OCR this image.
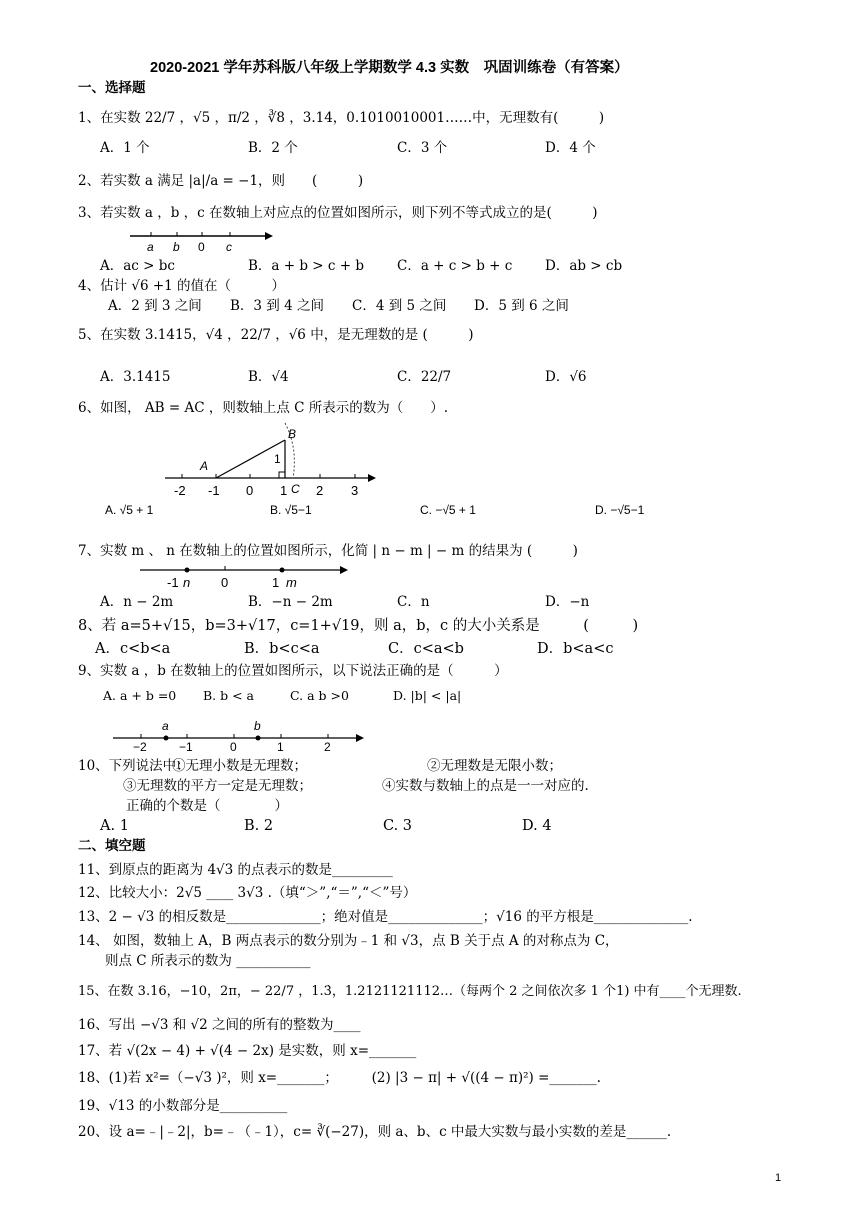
2020-2021 学年苏科版八年级上学期数学 4.3 实数　巩固训练卷（有答案）
一、选择题
1、在实数 22/7 ，√5 ，π/2 ，∛8 ，3.14，0.1010010001……中，无理数有(　　　)
A．1 个	B．2 个	C．3 个	D．4 个
2、若实数 a 满足 |a|/a = −1，则　　(　　　)
3、若实数 a ，b ，c 在数轴上对应点的位置如图所示，则下列不等式成立的是(　　　)
a b 0 c
A．ac > bc	B．a + b > c + b C．a + c > b + c D．ab > cb
4、估计 √6 +1 的值在（　　　）
A．2 到 3 之间 B．3 到 4 之间 C．4 到 5 之间 D．5 到 6 之间
5、在实数 3.1415，√4 ，22/7 ，√6 中，是无理数的是 (　　　)
A．3.1415	B．√4	C．22/7	D．√6
6、如图， AB = AC ，则数轴上点 C 所表示的数为（　　）.
A
B
C
1
-2 -1 0 1 2 3
A. √5 + 1	B. √5−1	C. −√5 + 1	D. −√5−1
7、实数 m 、 n 在数轴上的位置如图所示，化简 | n − m | − m 的结果为 (　　　)
-1 n 0	1 m
A．n − 2m	B．−n − 2m	C．n	D．−n
8、若 a=5+√15，b=3+√17，c=1+√19，则 a，b，c 的大小关系是　　　(　　　)
A．c<b<a	B．b<c<a	C．c<a<b	D．b<a<c
9、实数 a ，b 在数轴上的位置如图所示，以下说法正确的是（　　　）
A. a + b =0 B. b < a	C. a b >0	D. |b| < |a|
a	b
−2	−1	0	1	2
10、下列说法中：
①无理小数是无理数；	②无理数是无限小数；
③无理数的平方一定是无理数；	④实数与数轴上的点是一一对应的.
正确的个数是（　　　　）
A. 1	B. 2	C. 3	D. 4
二、填空题
11、到原点的距离为 4√3 的点表示的数是_________
12、比较大小：2√5 ____ 3√3 .（填“＞”,“＝”,“＜”号）
13、2 − √3 的相反数是______________；绝对值是______________；√16 的平方根是______________.
14、 如图，数轴上 A，B 两点表示的数分别为﹣1 和 √3，点 B 关于点 A 的对称点为 C，
　　则点 C 所表示的数为 ___________
15、在数 3.16，−10，2π，− 22/7 ，1.3̇，1.2121121112…（每两个 2 之间依次多 1 个1) 中有____个无理数.
16、写出 −√3 和 √2 之间的所有的整数为____
17、若 √(2x − 4) + √(4 − 2x) 是实数，则 x=_______
18、(1)若 x²=（−√3 )²，则 x=_______；　　　(2) |3 − π| + √((4 − π)²) =_______.
19、√13 的小数部分是__________
20、设 a=﹣|﹣2|，b=﹣（﹣1），c= ∛(−27)，则 a、b、c 中最大实数与最小实数的差是______.
1
